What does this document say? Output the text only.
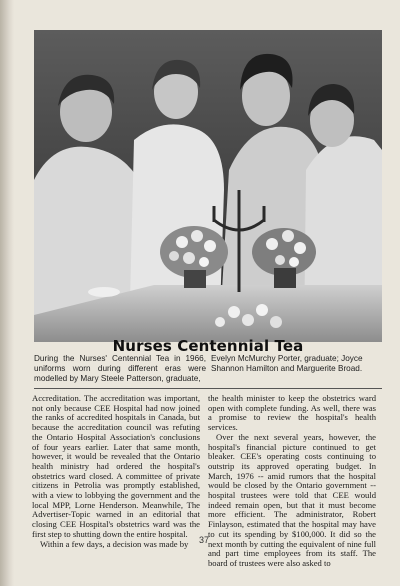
Nurses Centennial Tea
During the Nurses' Centennial Tea in 1966, uniforms worn during different eras were modelled by Mary Steele Patterson, graduate,
Evelyn McMurchy Porter, graduate; Joyce Shannon Hamilton and Marguerite Broad.

Accreditation. The accreditation was important, not only because CEE Hospital had now joined the ranks of accredited hospitals in Canada, but because the accreditation council was refuting the Ontario Hospital Association's conclusions of four years earlier. Later that same month, however, it would be revealed that the Ontario health ministry had ordered the hospital's obstetrics ward closed. A committee of private citizens in Petrolia was promptly established, with a view to lobbying the government and the local MPP, Lorne Henderson. Meanwhile, The Advertiser-Topic warned in an editorial that closing CEE Hospital's obstetrics ward was the first step to shutting down the entire hospital.

Within a few days, a decision was made by

the health minister to keep the obstetrics ward open with complete funding. As well, there was a promise to review the hospital's health services.

Over the next several years, however, the hospital's financial picture continued to get bleaker. CEE's operating costs continuing to outstrip its approved operating budget. In March, 1976 -- amid rumors that the hospital would be closed by the Ontario government -- hospital trustees were told that CEE would indeed remain open, but that it must become more efficient. The administrator, Robert Finlayson, estimated that the hospital may have to cut its spending by $100,000. It did so the next month by cutting the equivalent of nine full and part time employees from its staff. The board of trustees were also asked to

37
